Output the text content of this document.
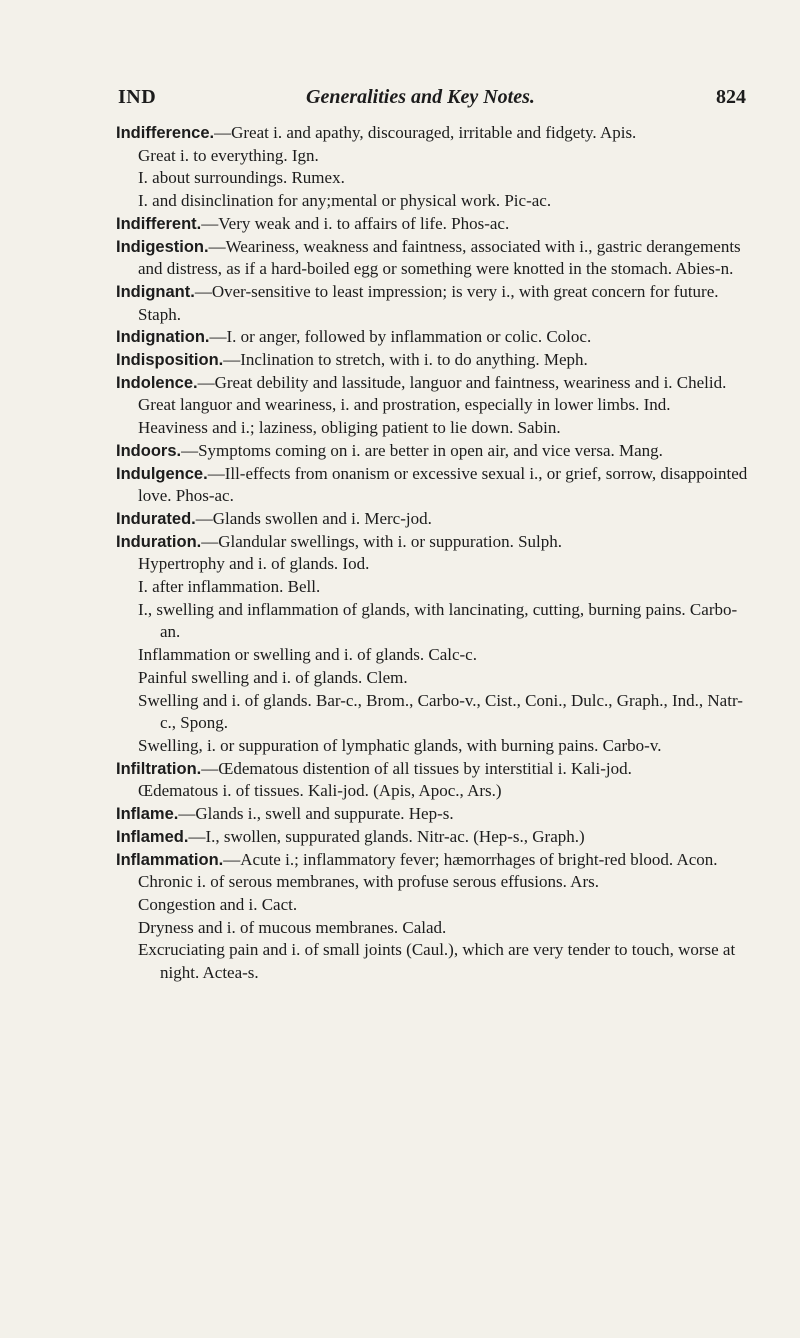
IND	Generalities and Key Notes.	824

Indifference.—Great i. and apathy, discouraged, irritable and fidgety. Apis.

Great i. to everything. Ign.

I. about surroundings. Rumex.

I. and disinclination for any;mental or physical work. Pic-ac.

Indifferent.—Very weak and i. to affairs of life. Phos-ac.

Indigestion.—Weariness, weakness and faintness, associated with i., gastric derangements and distress, as if a hard-boiled egg or something were knotted in the stomach. Abies-n.

Indignant.—Over-sensitive to least impression; is very i., with great concern for future. Staph.

Indignation.—I. or anger, followed by inflammation or colic. Coloc.

Indisposition.—Inclination to stretch, with i. to do anything. Meph.

Indolence.—Great debility and lassitude, languor and faintness, weariness and i. Chelid.

Great languor and weariness, i. and prostration, especially in lower limbs. Ind.

Heaviness and i.; laziness, obliging patient to lie down. Sabin.

Indoors.—Symptoms coming on i. are better in open air, and vice versa. Mang.

Indulgence.—Ill-effects from onanism or excessive sexual i., or grief, sorrow, disappointed love. Phos-ac.

Indurated.—Glands swollen and i. Merc-jod.

Induration.—Glandular swellings, with i. or suppuration. Sulph.

Hypertrophy and i. of glands. Iod.

I. after inflammation. Bell.

I., swelling and inflammation of glands, with lancinating, cutting, burning pains. Carbo-an.

Inflammation or swelling and i. of glands. Calc-c.

Painful swelling and i. of glands. Clem.

Swelling and i. of glands. Bar-c., Brom., Carbo-v., Cist., Coni., Dulc., Graph., Ind., Natr-c., Spong.

Swelling, i. or suppuration of lymphatic glands, with burning pains. Carbo-v.

Infiltration.—Œdematous distention of all tissues by interstitial i. Kali-jod.

Œdematous i. of tissues. Kali-jod. (Apis, Apoc., Ars.)

Inflame.—Glands i., swell and suppurate. Hep-s.

Inflamed.—I., swollen, suppurated glands. Nitr-ac. (Hep-s., Graph.)

Inflammation.—Acute i.; inflammatory fever; hæmorrhages of bright-red blood. Acon.

Chronic i. of serous membranes, with profuse serous effusions. Ars.

Congestion and i. Cact.

Dryness and i. of mucous membranes. Calad.

Excruciating pain and i. of small joints (Caul.), which are very tender to touch, worse at night. Actea-s.
